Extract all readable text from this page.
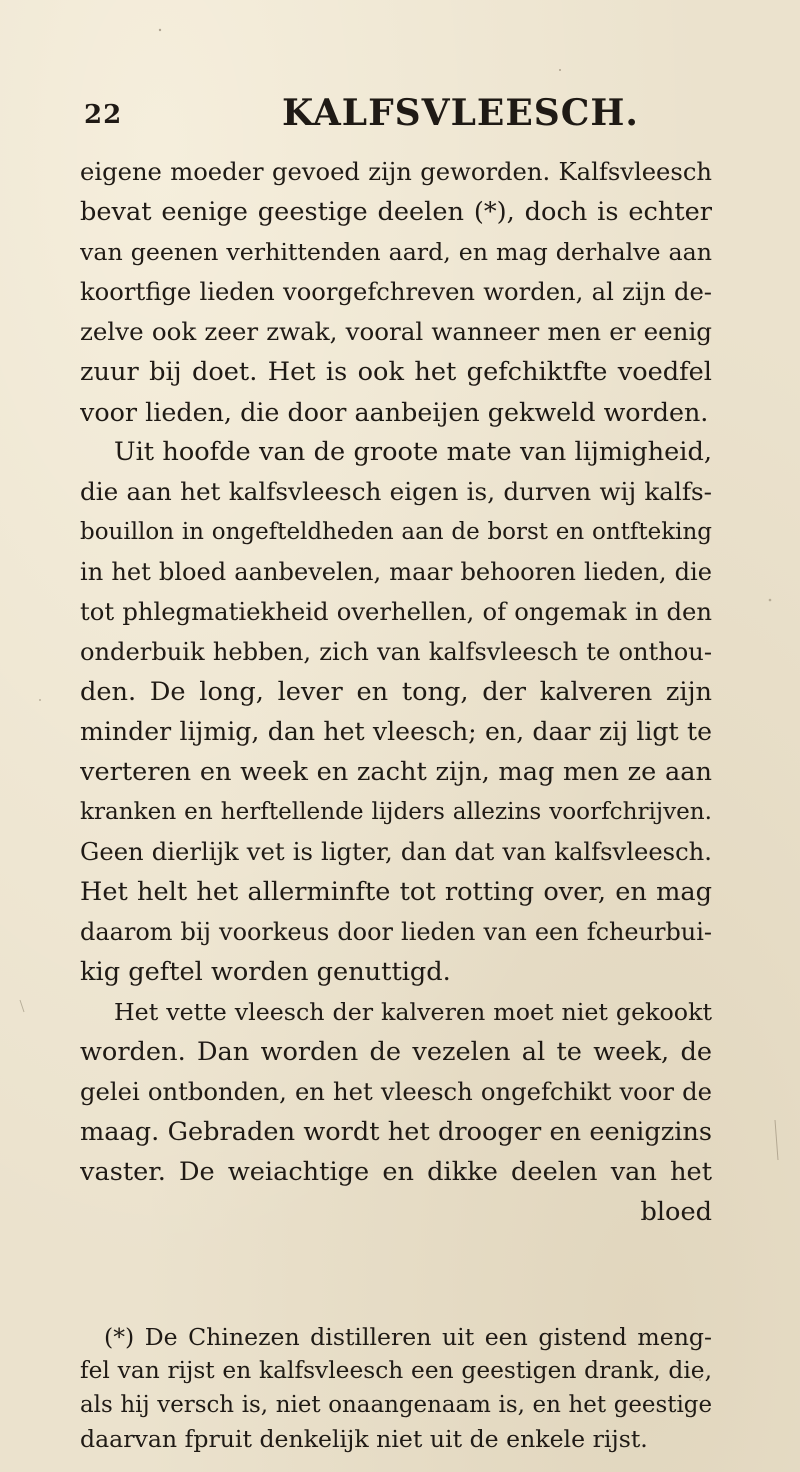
22	KALFSVLEESCH.
eigene moeder gevoed zijn geworden. Kalfsvleesch
bevat eenige geestige deelen (*), doch is echter
van geenen verhittenden aard, en mag derhalve aan
koortfige lieden voorgefchreven worden, al zijn de-
zelve ook zeer zwak, vooral wanneer men er eenig
zuur bij doet. Het is ook het gefchiktfte voedfel
voor lieden, die door aanbeijen gekweld worden.
Uit hoofde van de groote mate van lijmigheid,
die aan het kalfsvleesch eigen is, durven wij kalfs-
bouillon in ongefteldheden aan de borst en ontfteking
in het bloed aanbevelen, maar behooren lieden, die
tot phlegmatiekheid overhellen, of ongemak in den
onderbuik hebben, zich van kalfsvleesch te onthou-
den. De long, lever en tong, der kalveren zijn
minder lijmig, dan het vleesch; en, daar zij ligt te
verteren en week en zacht zijn, mag men ze aan
kranken en herftellende lijders allezins voorfchrijven.
Geen dierlijk vet is ligter, dan dat van kalfsvleesch.
Het helt het allerminfte tot rotting over, en mag
daarom bij voorkeus door lieden van een fcheurbui-
kig geftel worden genuttigd.
Het vette vleesch der kalveren moet niet gekookt
worden. Dan worden de vezelen al te week, de
gelei ontbonden, en het vleesch ongefchikt voor de
maag. Gebraden wordt het drooger en eenigzins
vaster. De weiachtige en dikke deelen van het
bloed
(*) De Chinezen distilleren uit een gistend meng-
fel van rijst en kalfsvleesch een geestigen drank, die,
als hij versch is, niet onaangenaam is, en het geestige
daarvan fpruit denkelijk niet uit de enkele rijst.
